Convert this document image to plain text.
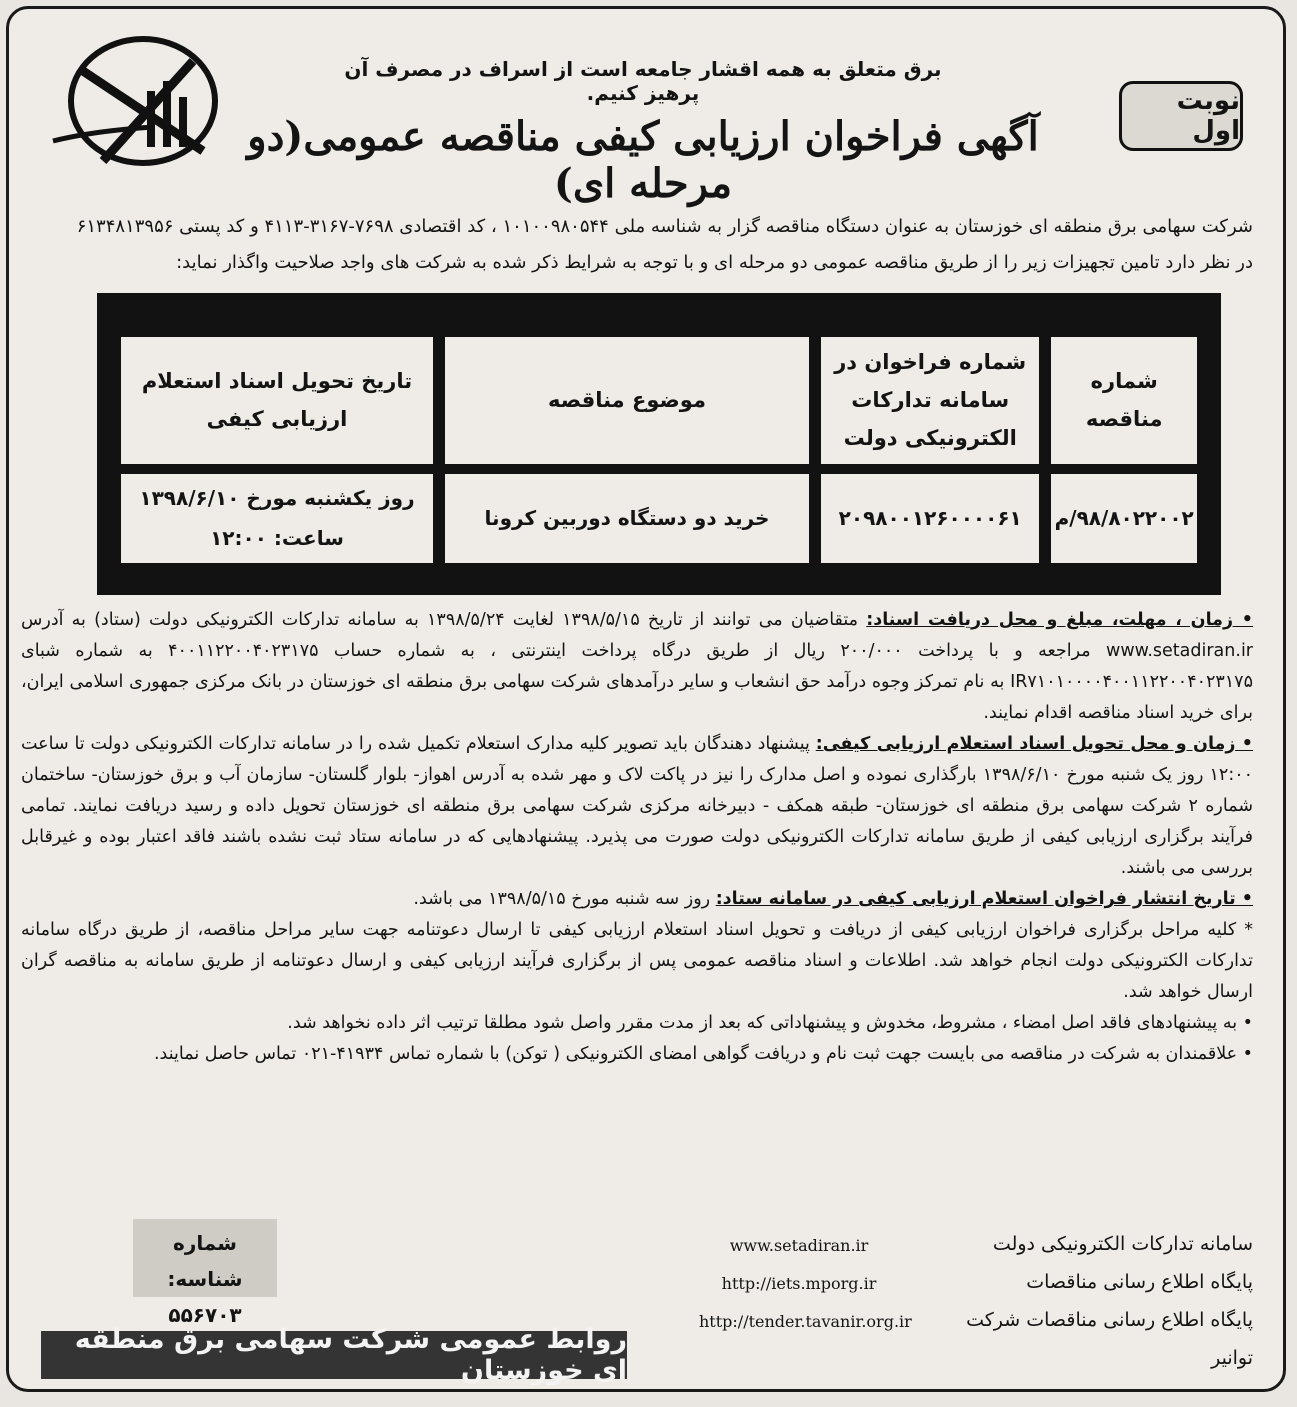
برق متعلق به همه اقشار جامعه است از اسراف در مصرف آن پرهیز کنیم.	نوبت اول
آگهی فراخوان ارزیابی کیفی مناقصه عمومی(دو مرحله ای)
شرکت سهامی برق منطقه ای خوزستان به عنوان دستگاه مناقصه گزار به شناسه ملی ۱۰۱۰۰۹۸۰۵۴۴ ، کد اقتصادی ۷۶۹۸-۳۱۶۷-۴۱۱۳ و کد پستی ۶۱۳۴۸۱۳۹۵۶
در نظر دارد تامین تجهیزات زیر را از طریق مناقصه عمومی دو مرحله ای و با توجه به شرایط ذکر شده به شرکت های واجد صلاحیت واگذار نماید:
شماره مناقصه	شماره فراخوان در سامانه تدارکات الکترونیکی دولت	موضوع مناقصه	تاریخ تحویل اسناد استعلام ارزیابی کیفی
۹۸/۸۰۲۲۰۰۲/م	۲۰۹۸۰۰۱۲۶۰۰۰۰۶۱	خرید دو دستگاه دوربین کرونا	روز یکشنبه مورخ ۱۳۹۸/۶/۱۰
ساعت: ۱۲:۰۰

• زمان ، مهلت، مبلغ و محل دریافت اسناد: متقاضیان می توانند از تاریخ ۱۳۹۸/۵/۱۵ لغایت ۱۳۹۸/۵/۲۴ به سامانه تدارکات الکترونیکی دولت (ستاد) به آدرس www.setadiran.ir مراجعه و با پرداخت ۲۰۰/۰۰۰ ریال از طریق درگاه پرداخت اینترنتی ، به شماره حساب ۴۰۰۱۱۲۲۰۰۴۰۲۳۱۷۵ به شماره شبای IR۷۱۰۱۰۰۰۰۴۰۰۱۱۲۲۰۰۴۰۲۳۱۷۵ به نام تمرکز وجوه درآمد حق انشعاب و سایر درآمدهای شرکت سهامی برق منطقه ای خوزستان در بانک مرکزی جمهوری اسلامی ایران، برای خرید اسناد مناقصه اقدام نمایند.

• زمان و محل تحویل اسناد استعلام ارزیابی کیفی: پیشنهاد دهندگان باید تصویر کلیه مدارک استعلام تکمیل شده را در سامانه تدارکات الکترونیکی دولت تا ساعت ۱۲:۰۰ روز یک شنبه مورخ ۱۳۹۸/۶/۱۰ بارگذاری نموده و اصل مدارک را نیز در پاکت لاک و مهر شده به آدرس اهواز- بلوار گلستان- سازمان آب و برق خوزستان- ساختمان شماره ۲ شرکت سهامی برق منطقه ای خوزستان- طبقه همکف - دبیرخانه مرکزی شرکت سهامی برق منطقه ای خوزستان تحویل داده و رسید دریافت نمایند. تمامی فرآیند برگزاری ارزیابی کیفی از طریق سامانه تدارکات الکترونیکی دولت صورت می پذیرد. پیشنهادهایی که در سامانه ستاد ثبت نشده باشند فاقد اعتبار بوده و غیرقابل بررسی می باشند.

• تاریخ انتشار فراخوان استعلام ارزیابی کیفی در سامانه ستاد: روز سه شنبه مورخ ۱۳۹۸/۵/۱۵ می باشد.

* کلیه مراحل برگزاری فراخوان ارزیابی کیفی از دریافت و تحویل اسناد استعلام ارزیابی کیفی تا ارسال دعوتنامه جهت سایر مراحل مناقصه، از طریق درگاه سامانه تدارکات الکترونیکی دولت انجام خواهد شد. اطلاعات و اسناد مناقصه عمومی پس از برگزاری فرآیند ارزیابی کیفی و ارسال دعوتنامه از طریق سامانه به مناقصه گران ارسال خواهد شد.

• به پیشنهادهای فاقد اصل امضاء ، مشروط، مخدوش و پیشنهاداتی که بعد از مدت مقرر واصل شود مطلقا ترتیب اثر داده نخواهد شد.

• علاقمندان به شرکت در مناقصه می بایست جهت ثبت نام و دریافت گواهی امضای الکترونیکی ( توکن) با شماره تماس ۴۱۹۳۴-۰۲۱ تماس حاصل نمایند.

سامانه تدارکات الکترونیکی دولت
پایگاه اطلاع رسانی مناقصات
پایگاه اطلاع رسانی مناقصات شرکت توانیر
www.setadiran.ir
http://iets.mporg.ir
http://tender.tavanir.org.ir
شماره شناسه:
۵۵۶۷۰۳
روابط عمومی شرکت سهامی برق منطقه ای خوزستان
